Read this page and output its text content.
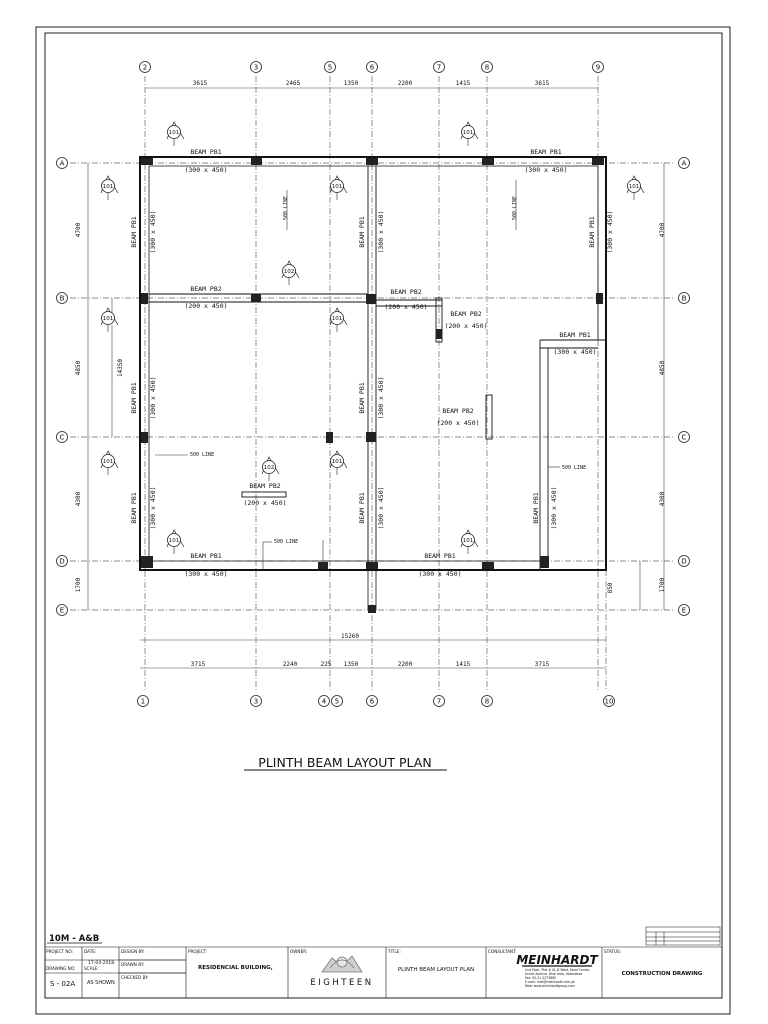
2	3	5	6	7	8	9
1	3	4 5	6	7	8	10
A	A
B	B
C	C
D	D
E	E
3615	2465	1350	2200	1415	3615
3715	2240	225 1350	2200	1415	3715
15260
4700
4850
4300
1700
14350
4700
4850
4300
1700
850
BEAM PB1
(300 x 450)
BEAM PB1
(300 x 450)
BEAM PB2
(200 x 450)
BEAM PB2
(200 x 450)
BEAM PB2
(200 x 450)
BEAM PB1
(300 x 450)
BEAM PB2
(200 x 450)
BEAM PB2
(200 x 450)
BEAM PB1
(300 x 450)
BEAM PB1
(300 x 450)
BEAM PB1 (300 x 450)
BEAM PB1 (300 x 450)
BEAM PB1 (300 x 450)
BEAM PB1 (300 x 450)
BEAM PB1 (300 x 450)
BEAM PB1 (300 x 450)
BEAM PB1 (300 x 450)
BEAM PB1 (300 x 450)
500 LINE	500 LINE
500 LINE
500 LINE
500 LINE
101	101
101	101	101
101	101
101	101
101	101
102
102
PLINTH BEAM LAYOUT PLAN
10M - A&B
PROJECT NO:	DATE:
17-04-2018
DESIGN BY:
DRAWN BY:
CHECKED BY:
DRAWING NO: SCALE:
AS SHOWN
S - 02A
PROJECT:
RESIDENCIAL BUILDING,
OWNER:
EIGHTEEN
TITLE:
PLINTH BEAM LAYOUT PLAN
CONSULTANT:	STATUS:
CONSTRUCTION DRAWING
MEINHARDT
2nd Floor, Plot # 41-D West, Fazal Centre,
Jinnah Avenue, Blue Area, Islamabad
Fax: 92-51-2273885
E-mail: mail@meinhardt.com.pk
Web: www.meinhardtgroup.com
